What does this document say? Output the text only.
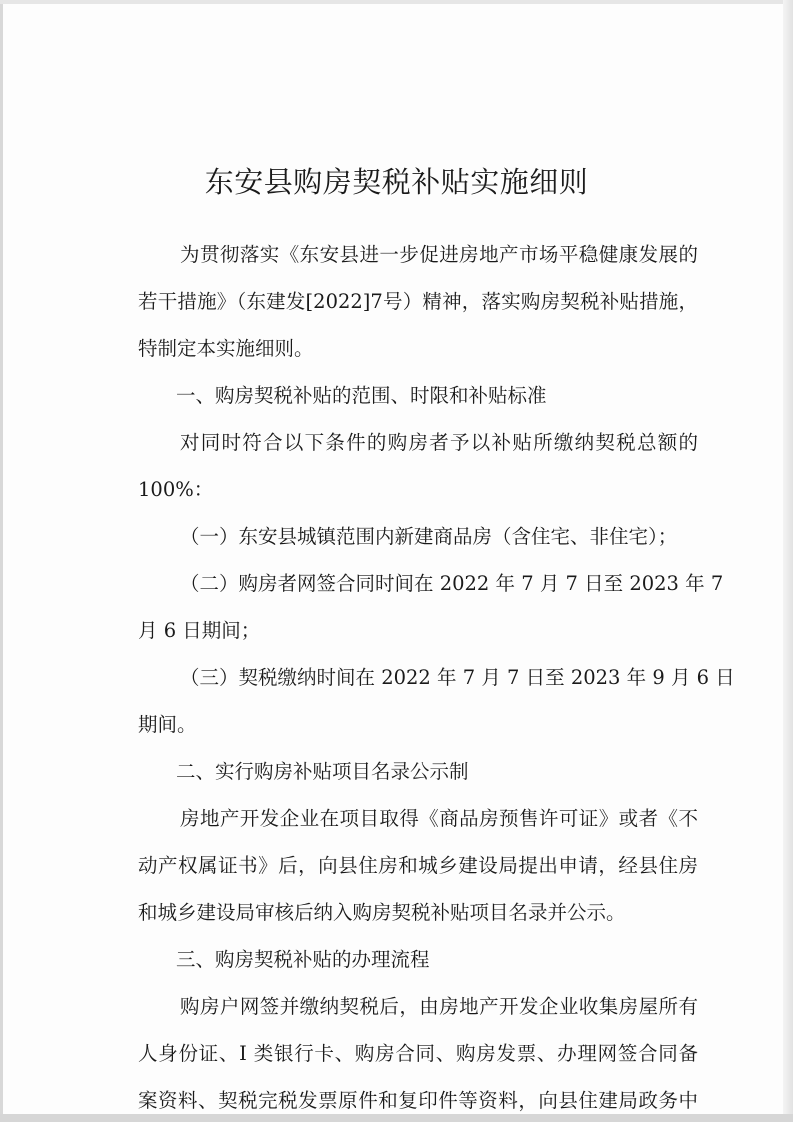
东安县购房契税补贴实施细则
为贯彻落实《东安县进一步促进房地产市场平稳健康发展的
若干措施》（东建发[2022]7号）精神，落实购房契税补贴措施，
特制定本实施细则。
一、购房契税补贴的范围、时限和补贴标准
对同时符合以下条件的购房者予以补贴所缴纳契税总额的
100%：
（一）东安县城镇范围内新建商品房（含住宅、非住宅）；
（二）购房者网签合同时间在 2022 年 7 月 7 日至 2023 年 7
月 6 日期间；
（三）契税缴纳时间在 2022 年 7 月 7 日至 2023 年 9 月 6 日
期间。
二、实行购房补贴项目名录公示制
房地产开发企业在项目取得《商品房预售许可证》或者《不
动产权属证书》后，向县住房和城乡建设局提出申请，经县住房
和城乡建设局审核后纳入购房契税补贴项目名录并公示。
三、购房契税补贴的办理流程
购房户网签并缴纳契税后，由房地产开发企业收集房屋所有
人身份证、I 类银行卡、购房合同、购房发票、办理网签合同备
案资料、契税完税发票原件和复印件等资料，向县住建局政务中
